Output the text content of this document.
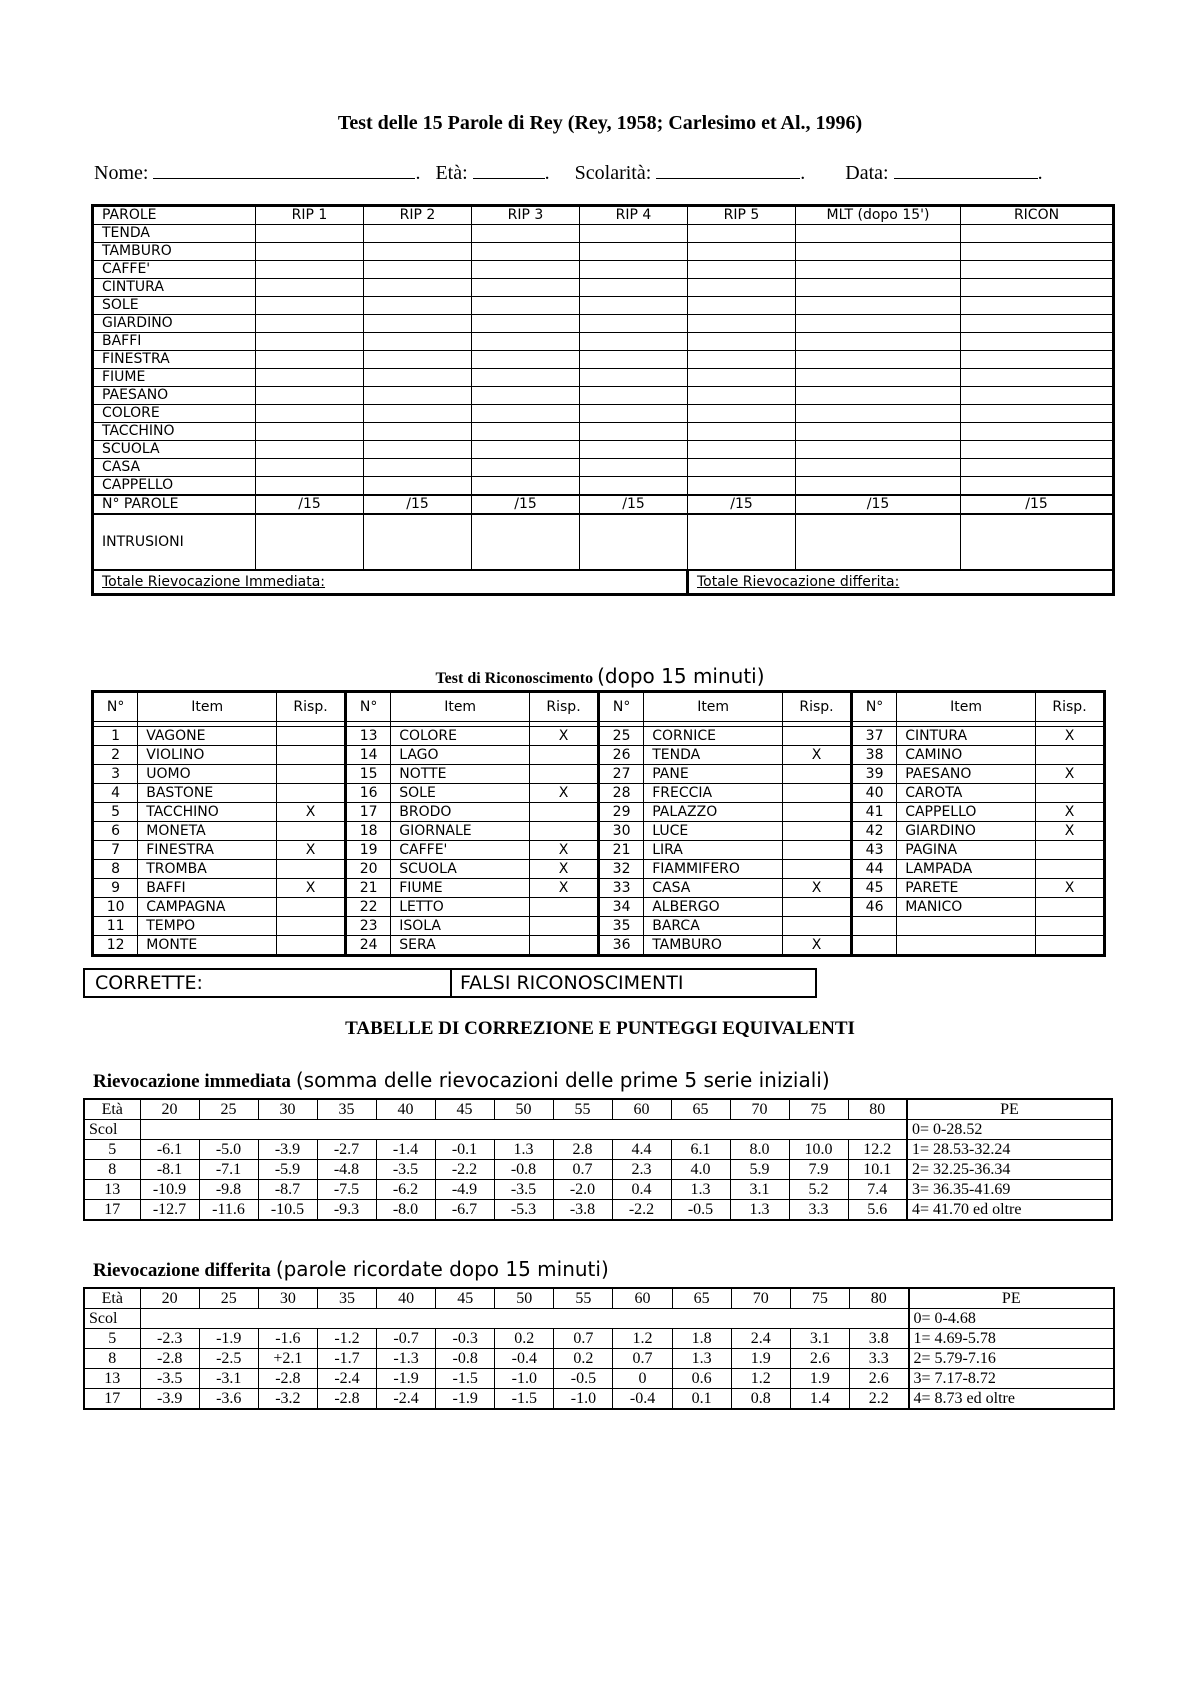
Test delle 15 Parole di Rey (Rey, 1958; Carlesimo et Al., 1996)
Nome:	. Età:	. Scolarità:	. Data:	.
PAROLE	RIP 1	RIP 2	RIP 3	RIP 4	RIP 5	MLT (dopo 15')	RICON
TENDA							
TAMBURO							
CAFFE'							
CINTURA							
SOLE							
GIARDINO							
BAFFI							
FINESTRA							
FIUME							
PAESANO							
COLORE							
TACCHINO							
SCUOLA							
CASA							
CAPPELLO							
N° PAROLE	/15	/15	/15	/15	/15	/15	/15
INTRUSIONI							
Totale Rievocazione Immediata:					Totale Rievocazione differita:		
Test di Riconoscimento (dopo 15 minuti)
N°	Item	Risp.	N°	Item	Risp.	N°	Item	Risp.	N°	Item	Risp.

1	VAGONE		13	COLORE	X	25	CORNICE		37	CINTURA	X
2	VIOLINO		14	LAGO		26	TENDA	X	38	CAMINO	
3	UOMO		15	NOTTE		27	PANE		39	PAESANO	X
4	BASTONE		16	SOLE	X	28	FRECCIA		40	CAROTA	
5	TACCHINO	X	17	BRODO		29	PALAZZO		41	CAPPELLO	X
6	MONETA		18	GIORNALE		30	LUCE		42	GIARDINO	X
7	FINESTRA	X	19	CAFFE'	X	21	LIRA		43	PAGINA	
8	TROMBA		20	SCUOLA	X	32	FIAMMIFERO		44	LAMPADA	
9	BAFFI	X	21	FIUME	X	33	CASA	X	45	PARETE	X
10	CAMPAGNA		22	LETTO		34	ALBERGO		46	MANICO	
11	TEMPO		23	ISOLA		35	BARCA				
12	MONTE		24	SERA		36	TAMBURO	X			
CORRETTE:	FALSI RICONOSCIMENTI
TABELLE DI CORREZIONE E PUNTEGGI EQUIVALENTI
Rievocazione immediata (somma delle rievocazioni delle prime 5 serie iniziali)
Età	20	25	30	35	40	45	50	55	60	65	70	75	80	PE
Scol														0= 0-28.52
5	-6.1	-5.0	-3.9	-2.7	-1.4	-0.1	1.3	2.8	4.4	6.1	8.0	10.0	12.2	1= 28.53-32.24
8	-8.1	-7.1	-5.9	-4.8	-3.5	-2.2	-0.8	0.7	2.3	4.0	5.9	7.9	10.1	2= 32.25-36.34
13	-10.9	-9.8	-8.7	-7.5	-6.2	-4.9	-3.5	-2.0	0.4	1.3	3.1	5.2	7.4	3= 36.35-41.69
17	-12.7	-11.6	-10.5	-9.3	-8.0	-6.7	-5.3	-3.8	-2.2	-0.5	1.3	3.3	5.6	4= 41.70 ed oltre
Rievocazione differita (parole ricordate dopo 15 minuti)
Età	20	25	30	35	40	45	50	55	60	65	70	75	80	PE
Scol														0= 0-4.68
5	-2.3	-1.9	-1.6	-1.2	-0.7	-0.3	0.2	0.7	1.2	1.8	2.4	3.1	3.8	1= 4.69-5.78
8	-2.8	-2.5	+2.1	-1.7	-1.3	-0.8	-0.4	0.2	0.7	1.3	1.9	2.6	3.3	2= 5.79-7.16
13	-3.5	-3.1	-2.8	-2.4	-1.9	-1.5	-1.0	-0.5	0	0.6	1.2	1.9	2.6	3= 7.17-8.72
17	-3.9	-3.6	-3.2	-2.8	-2.4	-1.9	-1.5	-1.0	-0.4	0.1	0.8	1.4	2.2	4= 8.73 ed oltre
